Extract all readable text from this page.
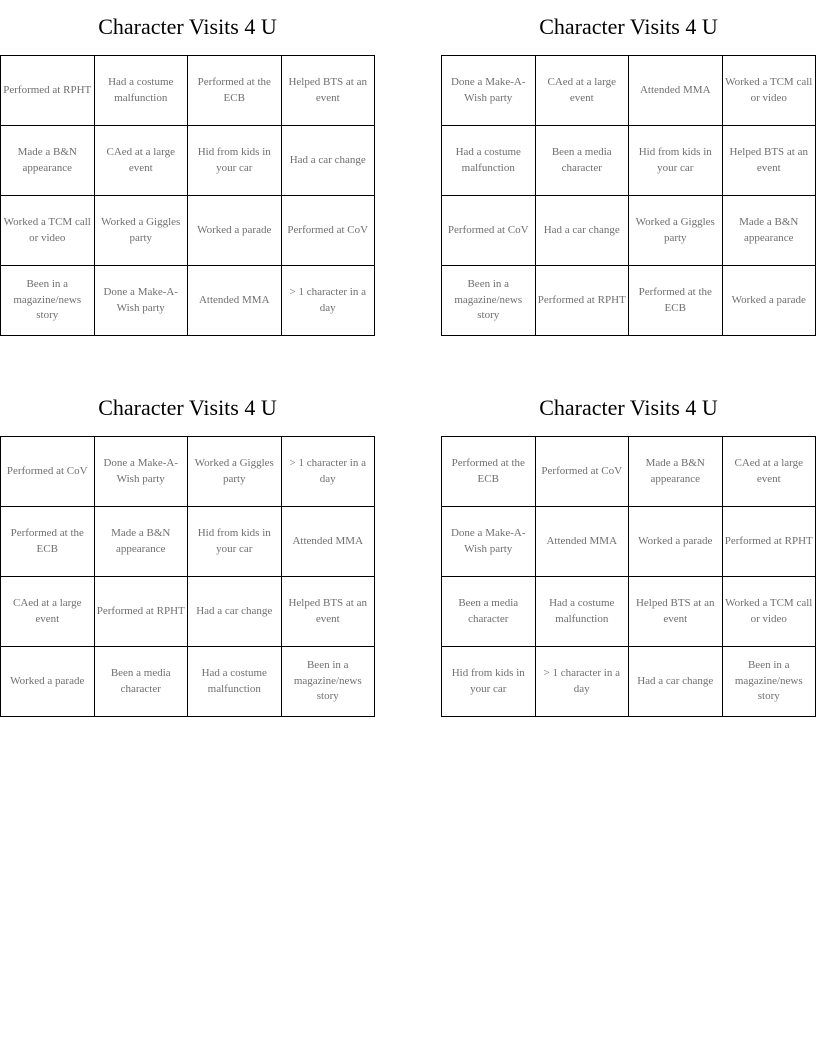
Character Visits 4 U
Performed at RPHT	Had a costume malfunction	Performed at the ECB	Helped BTS at an event
Made a B&N appearance	CAed at a large event	Hid from kids in your car	Had a car change
Worked a TCM call or video	Worked a Giggles party	Worked a parade	Performed at CoV
Been in a magazine/news story	Done a Make-A-Wish party	Attended MMA	> 1 character in a day
Character Visits 4 U
Done a Make-A-Wish party	CAed at a large event	Attended MMA	Worked a TCM call or video
Had a costume malfunction	Been a media character	Hid from kids in your car	Helped BTS at an event
Performed at CoV	Had a car change	Worked a Giggles party	Made a B&N appearance
Been in a magazine/news story	Performed at RPHT	Performed at the ECB	Worked a parade
Character Visits 4 U
Performed at CoV	Done a Make-A-Wish party	Worked a Giggles party	> 1 character in a day
Performed at the ECB	Made a B&N appearance	Hid from kids in your car	Attended MMA
CAed at a large event	Performed at RPHT	Had a car change	Helped BTS at an event
Worked a parade	Been a media character	Had a costume malfunction	Been in a magazine/news story
Character Visits 4 U
Performed at the ECB	Performed at CoV	Made a B&N appearance	CAed at a large event
Done a Make-A-Wish party	Attended MMA	Worked a parade	Performed at RPHT
Been a media character	Had a costume malfunction	Helped BTS at an event	Worked a TCM call or video
Hid from kids in your car	> 1 character in a day	Had a car change	Been in a magazine/news story
